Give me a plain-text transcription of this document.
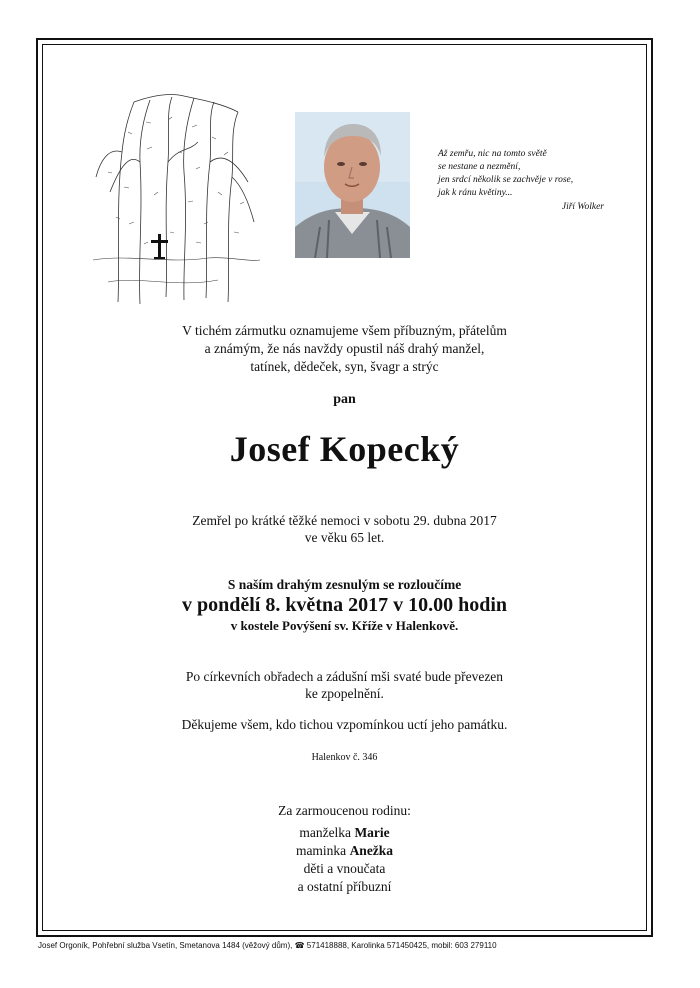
Až zemřu, nic na tomto světě
se nestane a nezmění,
jen srdcí několik se zachvěje v rose,
jak k ránu květiny...
Jiří Wolker
V tichém zármutku oznamujeme všem příbuzným, přátelům
a známým, že nás navždy opustil náš drahý manžel,
tatínek, dědeček, syn, švagr a strýc
pan
Josef Kopecký
Zemřel po krátké těžké nemoci v sobotu 29. dubna 2017
ve věku 65 let.
S naším drahým zesnulým se rozloučíme
v pondělí 8. května 2017 v 10.00 hodin
v kostele Povýšení sv. Kříže v Halenkově.
Po církevních obřadech a zádušní mši svaté bude převezen
ke zpopelnění.
Děkujeme všem, kdo tichou vzpomínkou uctí jeho památku.
Halenkov č. 346
Za zarmoucenou rodinu:
manželka Marie
maminka Anežka
děti a vnoučata
a ostatní příbuzní
Josef Orgoník, Pohřební služba Vsetín, Smetanova 1484 (věžový dům), ☎ 571418888, Karolinka 571450425, mobil: 603 279110
